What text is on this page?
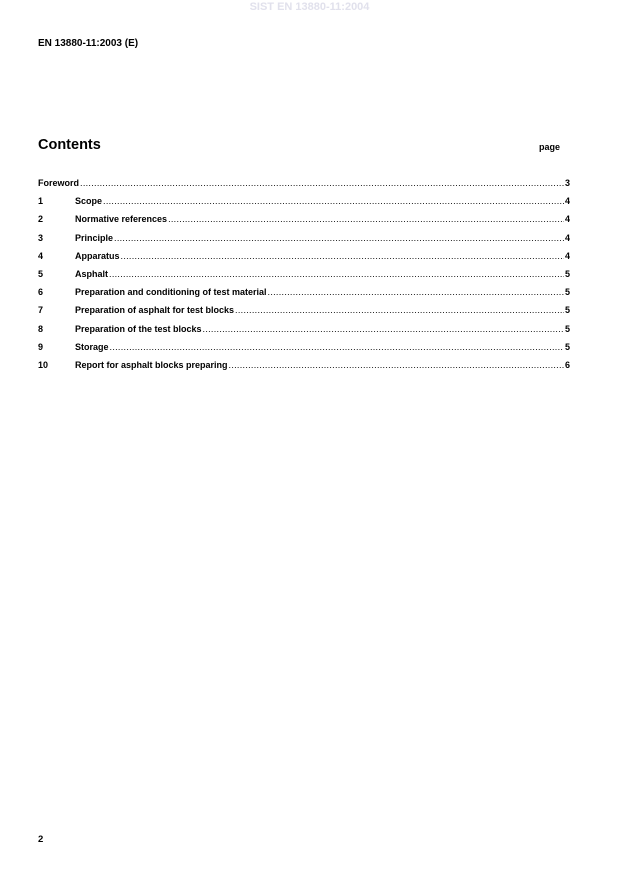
SIST EN 13880-11:2004
EN 13880-11:2003 (E)
Contents	page
Foreword .....	3
1	Scope .....	4
2	Normative references .....	4
3	Principle .....	4
4	Apparatus .....	4
5	Asphalt .....	5
6	Preparation and conditioning of test material .....	5
7	Preparation of asphalt for test blocks .....	5
8	Preparation of the test blocks .....	5
9	Storage .....	5
10	Report for asphalt blocks preparing .....	6
2
